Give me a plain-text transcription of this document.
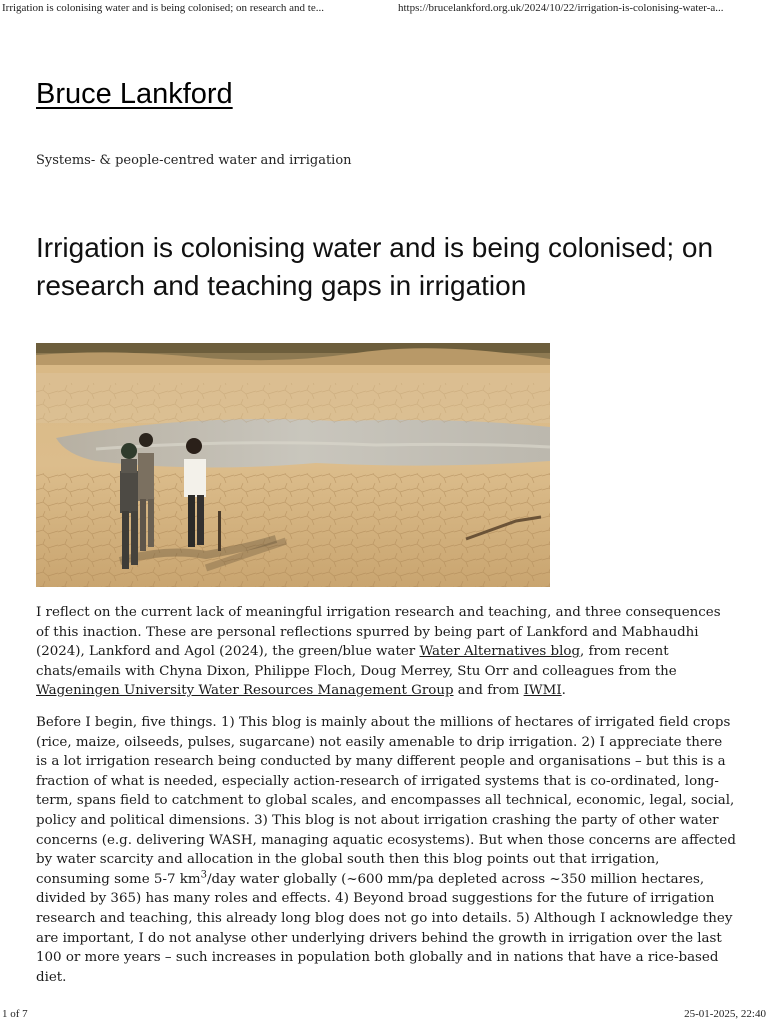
Irrigation is colonising water and is being colonised; on research and te...	https://brucelankford.org.uk/2024/10/22/irrigation-is-colonising-water-a...
Bruce Lankford
Systems- & people-centred water and irrigation
Irrigation is colonising water and is being colonised; on research and teaching gaps in irrigation

I reflect on the current lack of meaningful irrigation research and teaching, and three consequences of this inaction. These are personal reflections spurred by being part of Lankford and Mabhaudhi (2024), Lankford and Agol (2024), the green/blue water Water Alternatives blog, from recent chats/emails with Chyna Dixon, Philippe Floch, Doug Merrey, Stu Orr and colleagues from the Wageningen University Water Resources Management Group and from IWMI.

Before I begin, five things. 1) This blog is mainly about the millions of hectares of irrigated field crops (rice, maize, oilseeds, pulses, sugarcane) not easily amenable to drip irrigation. 2) I appreciate there is a lot irrigation research being conducted by many different people and organisations – but this is a fraction of what is needed, especially action-research of irrigated systems that is co-ordinated, long-term, spans field to catchment to global scales, and encompasses all technical, economic, legal, social, policy and political dimensions. 3) This blog is not about irrigation crashing the party of other water concerns (e.g. delivering WASH, managing aquatic ecosystems). But when those concerns are affected by water scarcity and allocation in the global south then this blog points out that irrigation, consuming some 5-7 $km^3$/day water globally (~600 mm/pa depleted across ~350 million hectares, divided by 365) has many roles and effects. 4) Beyond broad suggestions for the future of irrigation research and teaching, this already long blog does not go into details. 5) Although I acknowledge they are important, I do not analyse other underlying drivers behind the growth in irrigation over the last 100 or more years – such increases in population both globally and in nations that have a rice-based diet.

1 of 7	25-01-2025, 22:40
